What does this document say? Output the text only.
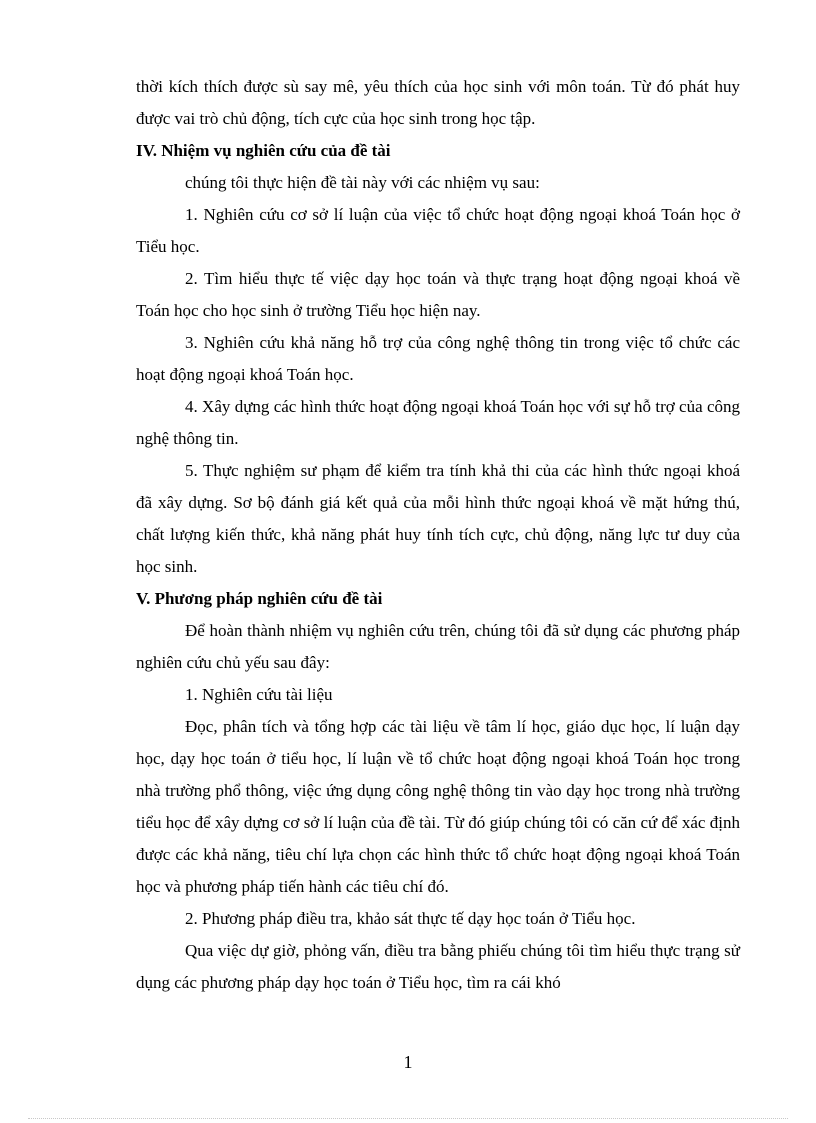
thời kích thích được sù say mê, yêu thích của học sinh với môn toán. Từ đó phát huy được vai trò chủ động, tích cực của học sinh trong học tập.

IV. Nhiệm vụ nghiên cứu của đề tài

chúng tôi thực hiện đề tài này với các nhiệm vụ sau:

1. Nghiên cứu cơ sở lí luận của việc tổ chức hoạt động ngoại khoá Toán học ở Tiểu học.

2. Tìm hiểu thực tế việc dạy học toán và thực trạng hoạt động ngoại khoá về Toán học cho học sinh ở trường Tiểu học hiện nay.

3. Nghiên cứu khả năng hỗ trợ của công nghệ thông tin trong việc tổ chức các hoạt động ngoại khoá Toán học.

4. Xây dựng các hình thức hoạt động ngoại khoá Toán học với sự hỗ trợ của công nghệ thông tin.

5. Thực nghiệm sư phạm để kiểm tra tính khả thi của các hình thức ngoại khoá đã xây dựng. Sơ bộ đánh giá kết quả của mỗi hình thức ngoại khoá về mặt hứng thú, chất lượng kiến thức, khả năng phát huy tính tích cực, chủ động, năng lực tư duy của học sinh.

V. Phương pháp nghiên cứu đề tài

Để hoàn thành nhiệm vụ nghiên cứu trên, chúng tôi đã sử dụng các phương pháp nghiên cứu chủ yếu sau đây:

1. Nghiên cứu tài liệu

Đọc, phân tích và tổng hợp các tài liệu về tâm lí học, giáo dục học, lí luận dạy học, dạy học toán ở tiểu học, lí luận về tổ chức hoạt động ngoại khoá Toán học trong nhà trường phổ thông, việc ứng dụng công nghệ thông tin vào dạy học trong nhà trường tiểu học để xây dựng cơ sở lí luận của đề tài. Từ đó giúp chúng tôi có căn cứ để xác định được các khả năng, tiêu chí lựa chọn các hình thức tổ chức hoạt động ngoại khoá Toán học và phương pháp tiến hành các tiêu chí đó.

2. Phương pháp điều tra, khảo sát thực tế dạy học toán ở Tiểu học.

Qua việc dự giờ, phỏng vấn, điều tra bằng phiếu chúng tôi tìm hiểu thực trạng sử dụng các phương pháp dạy học toán ở Tiểu học, tìm ra cái khó

1
